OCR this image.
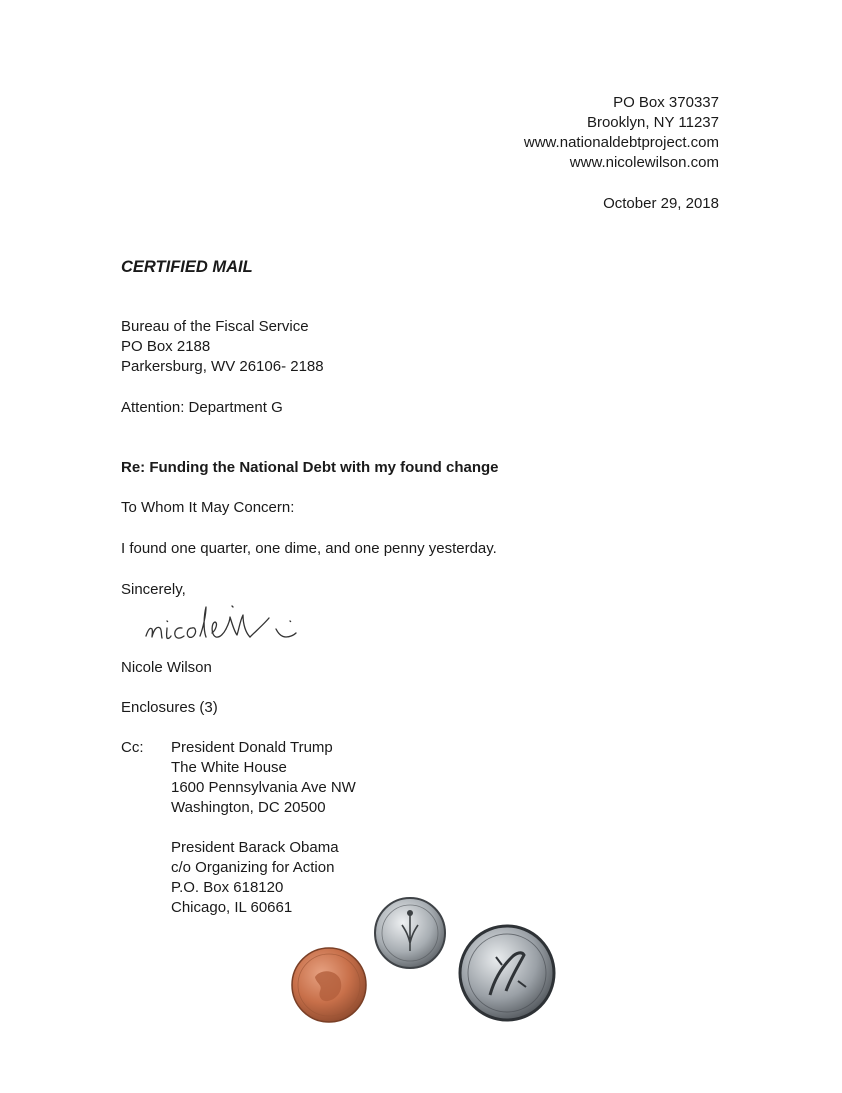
PO Box 370337
Brooklyn, NY 11237
www.nationaldebtproject.com
www.nicolewilson.com
October 29, 2018
CERTIFIED MAIL
Bureau of the Fiscal Service
PO Box 2188
Parkersburg, WV 26106- 2188
Attention: Department G
Re: Funding the National Debt with my found change
To Whom It May Concern:
I found one quarter, one dime, and one penny yesterday.
Sincerely,
Nicole Wilson
Enclosures (3)
Cc: President Donald Trump
The White House
1600 Pennsylvania Ave NW
Washington, DC 20500
President Barack Obama
c/o Organizing for Action
P.O. Box 618120
Chicago, IL 60661
